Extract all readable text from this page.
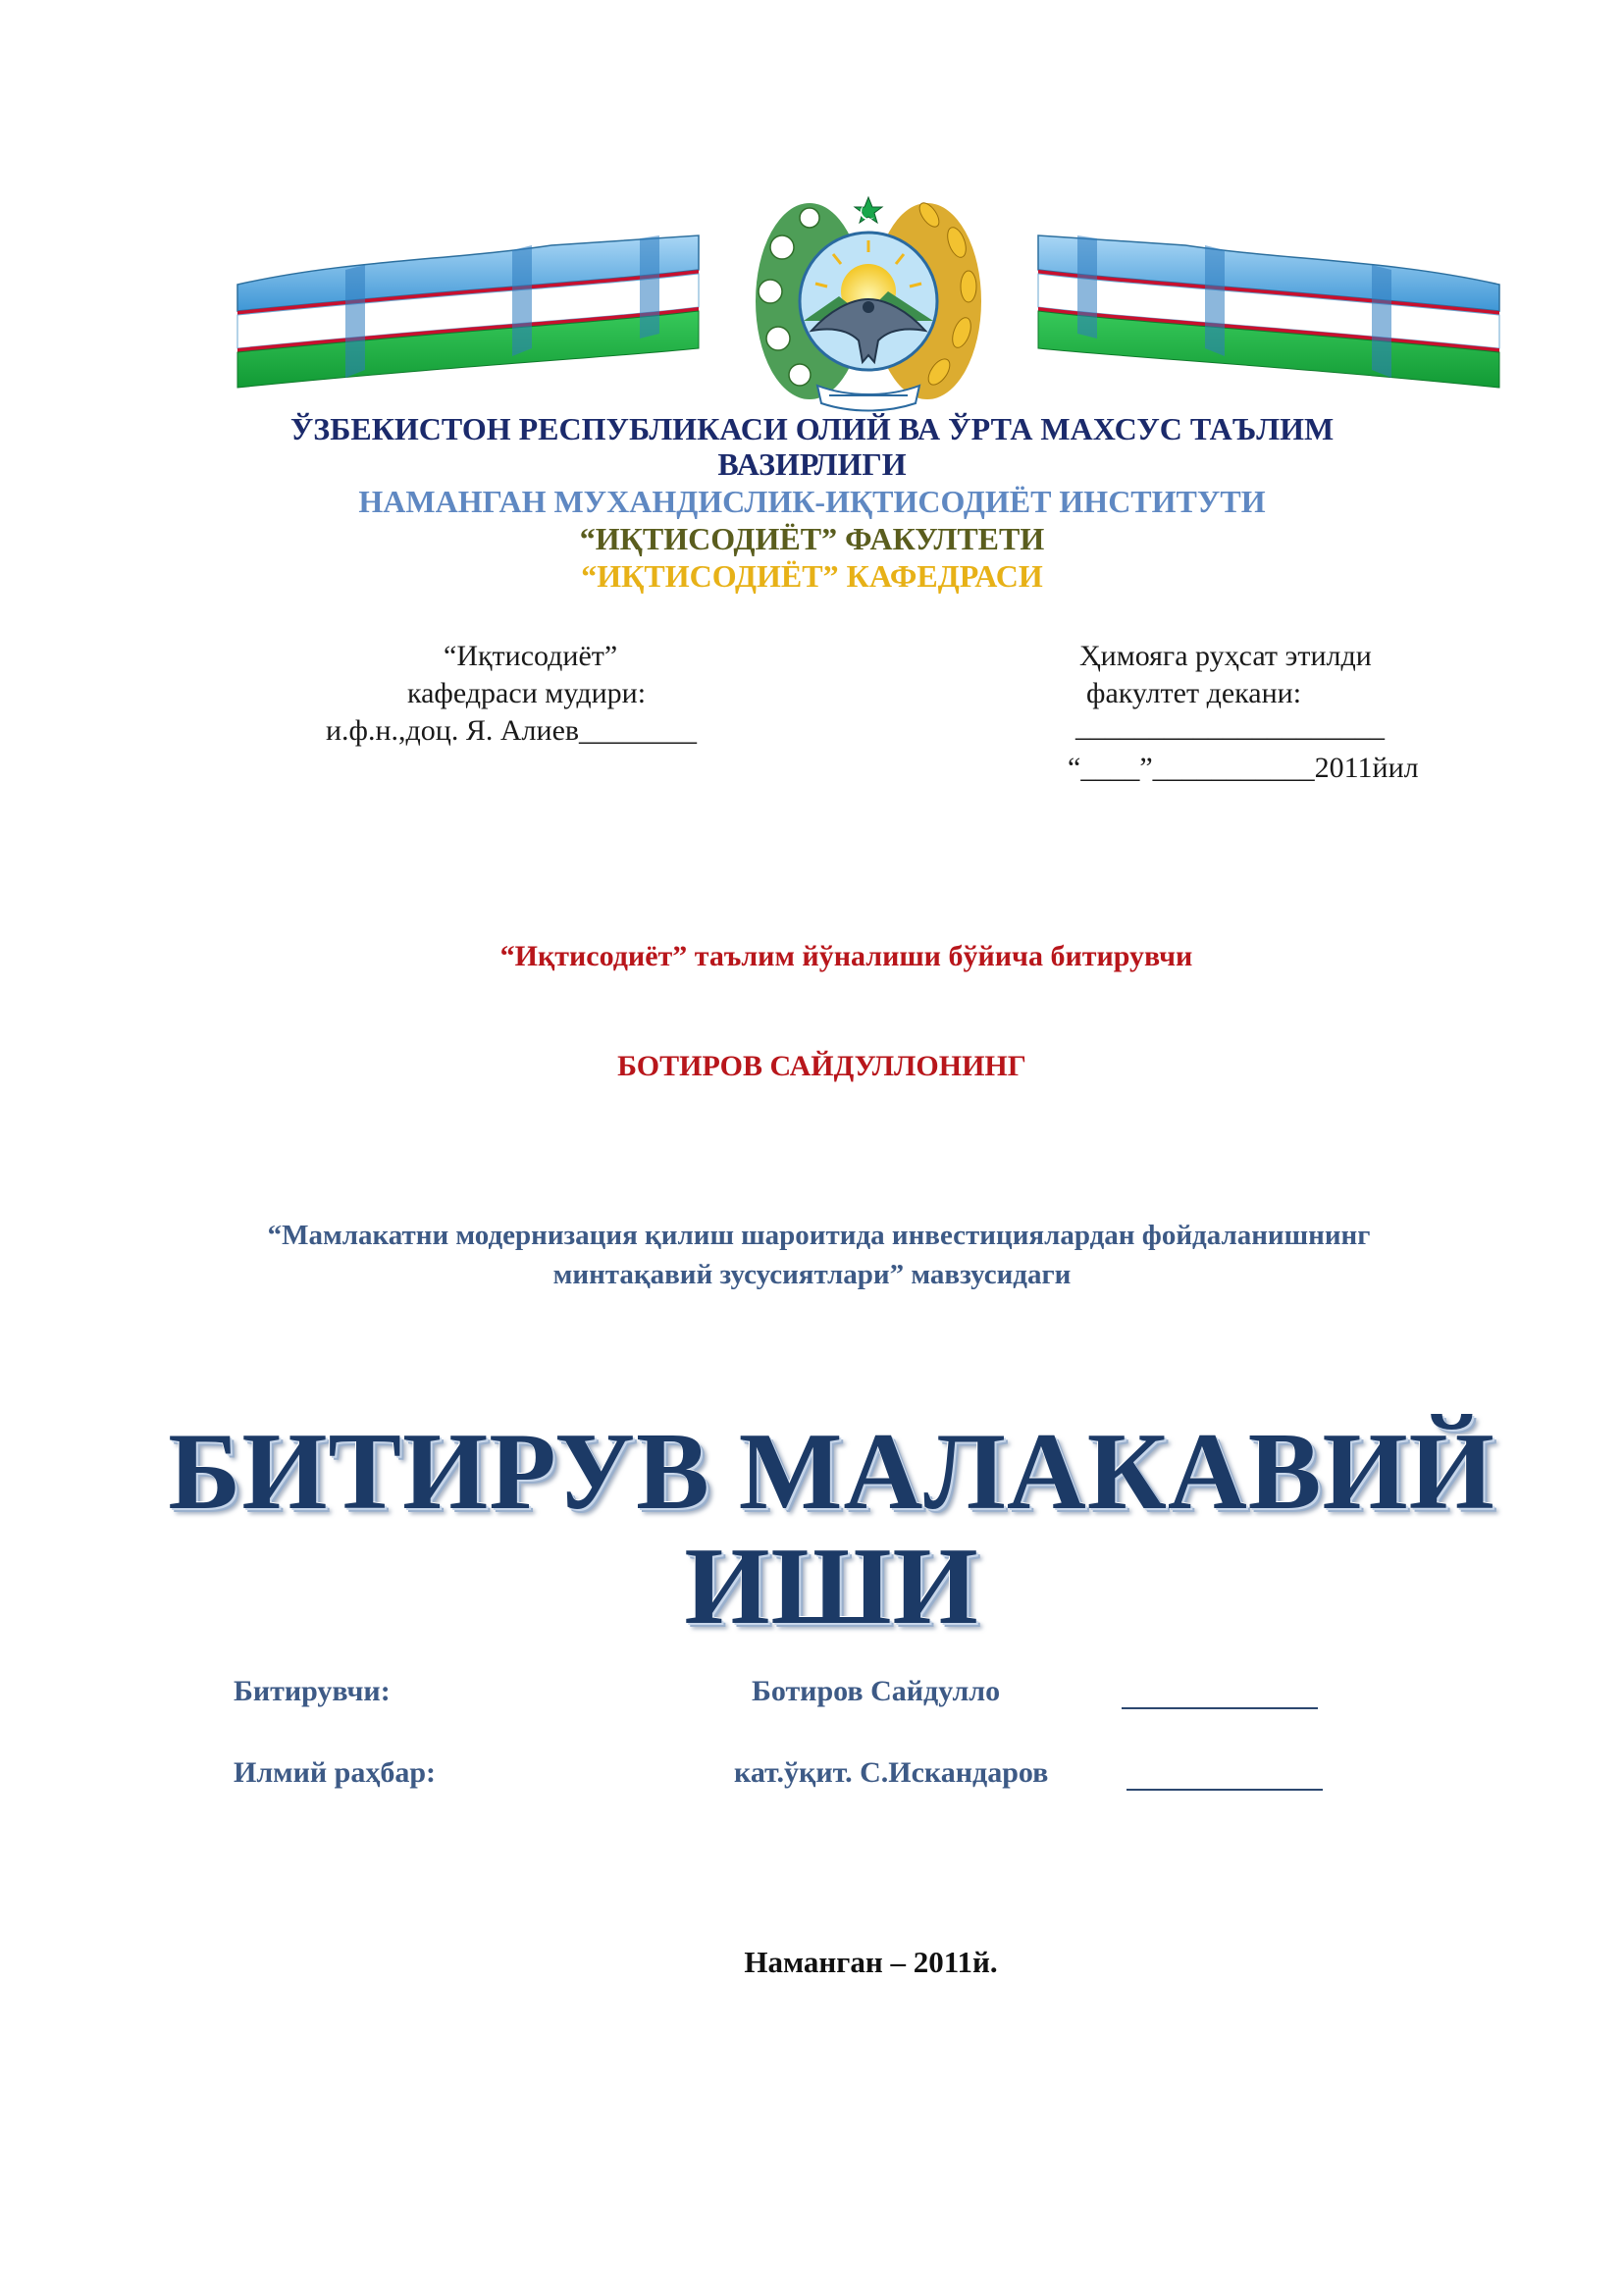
ЎЗБЕКИСТОН РЕСПУБЛИКАСИ ОЛИЙ ВА ЎРТА МАХСУС ТАЪЛИМ
ВАЗИРЛИГИ
НАМАНГАН МУХАНДИСЛИК-ИҚТИСОДИЁТ ИНСТИТУТИ
“ИҚТИСОДИЁТ” ФАКУЛТЕТИ
“ИҚТИСОДИЁТ” КАФЕДРАСИ
“Иқтисодиёт”
кафедраси мудири:
и.ф.н.,доц. Я. Алиев________
Ҳимояга руҳсат этилди
факултет декани:
_____________________
“____”___________2011йил
“Иқтисодиёт” таълим йўналиши бўйича битирувчи
БОТИРОВ САЙДУЛЛОНИНГ
“Мамлакатни модернизация қилиш шароитида инвестициялардан фойдаланишнинг
минтақавий зусусиятлари” мавзусидаги
БИТИРУВ МАЛАКАВИЙ
ИШИ
Битирувчи:	Ботиров Сайдулло
Илмий раҳбар:	кат.ўқит. С.Искандаров
Наманган – 2011й.
